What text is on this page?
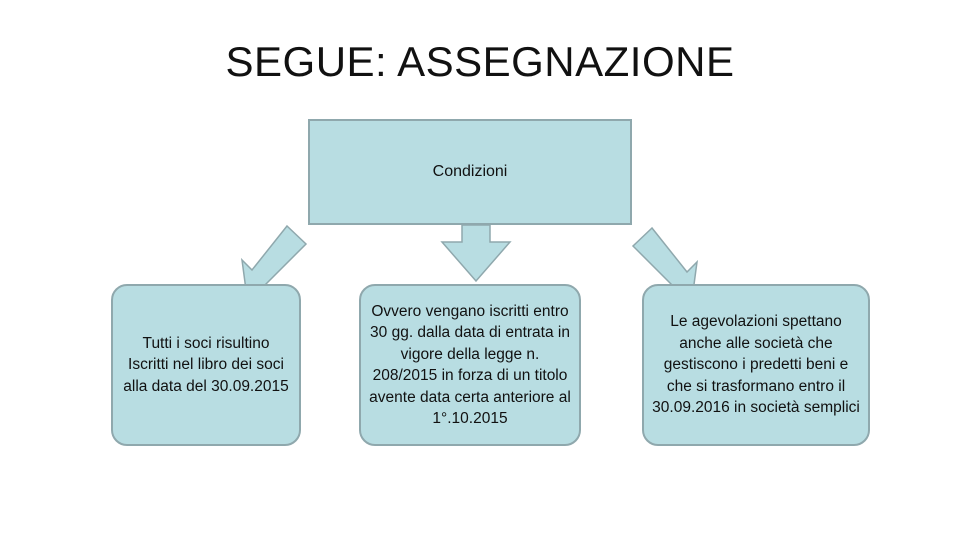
SEGUE: ASSEGNAZIONE
Condizioni
Tutti i soci risultino Iscritti nel libro dei soci alla data del 30.09.2015
Ovvero vengano iscritti entro 30 gg. dalla data di entrata in vigore della legge n. 208/2015 in forza di un titolo avente data certa anteriore al 1°.10.2015
Le agevolazioni spettano anche alle società che gestiscono i predetti beni e che si trasformano entro il 30.09.2016 in società semplici
